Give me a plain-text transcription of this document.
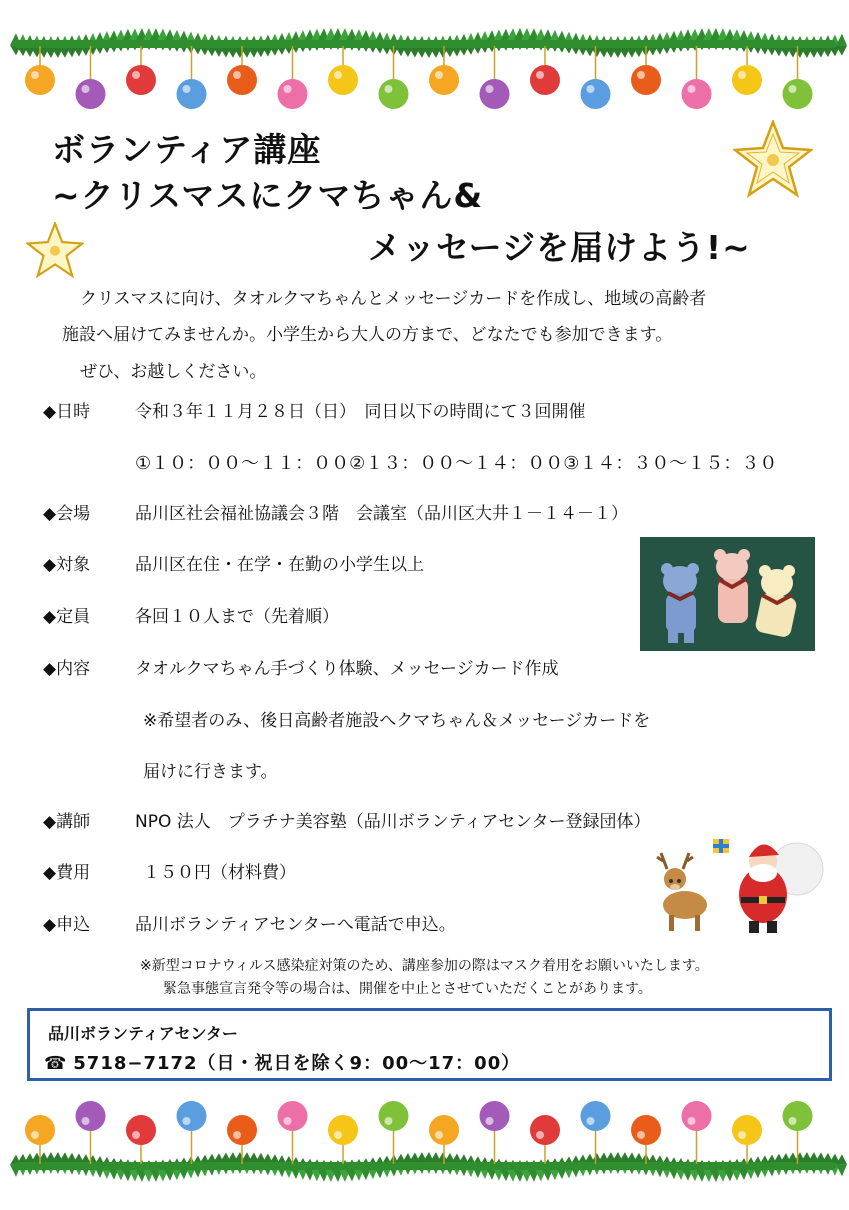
ボランティア講座
~クリスマスにクマちゃん&
メッセージを届けよう!~
クリスマスに向け、タオルクマちゃんとメッセージカードを作成し、地域の高齢者
施設へ届けてみませんか。小学生から大人の方まで、どなたでも参加できます。
ぜひ、お越しください。
◆日時	令和３年１１月２８日（日）　同日以下の時間にて３回開催
①１０：００～１１：００②１３：００～１４：００③１４：３０～１５：３０
◆会場	品川区社会福祉協議会３階　会議室（品川区大井１－１４－１）
◆対象	品川区在住・在学・在勤の小学生以上
◆定員	各回１０人まで（先着順）
◆内容	タオルクマちゃん手づくり体験、メッセージカード作成
※希望者のみ、後日高齢者施設へクマちゃん＆メッセージカードを
届けに行きます。
◆講師	NPO 法人　プラチナ美容塾（品川ボランティアセンター登録団体）
◆費用	１５０円（材料費）
◆申込	品川ボランティアセンターへ電話で申込。
※新型コロナウィルス感染症対策のため、講座参加の際はマスク着用をお願いいたします。
緊急事態宣言発令等の場合は、開催を中止とさせていただくことがあります。
品川ボランティアセンター
☎ 5718−7172（日・祝日を除く9：00～17：00）
